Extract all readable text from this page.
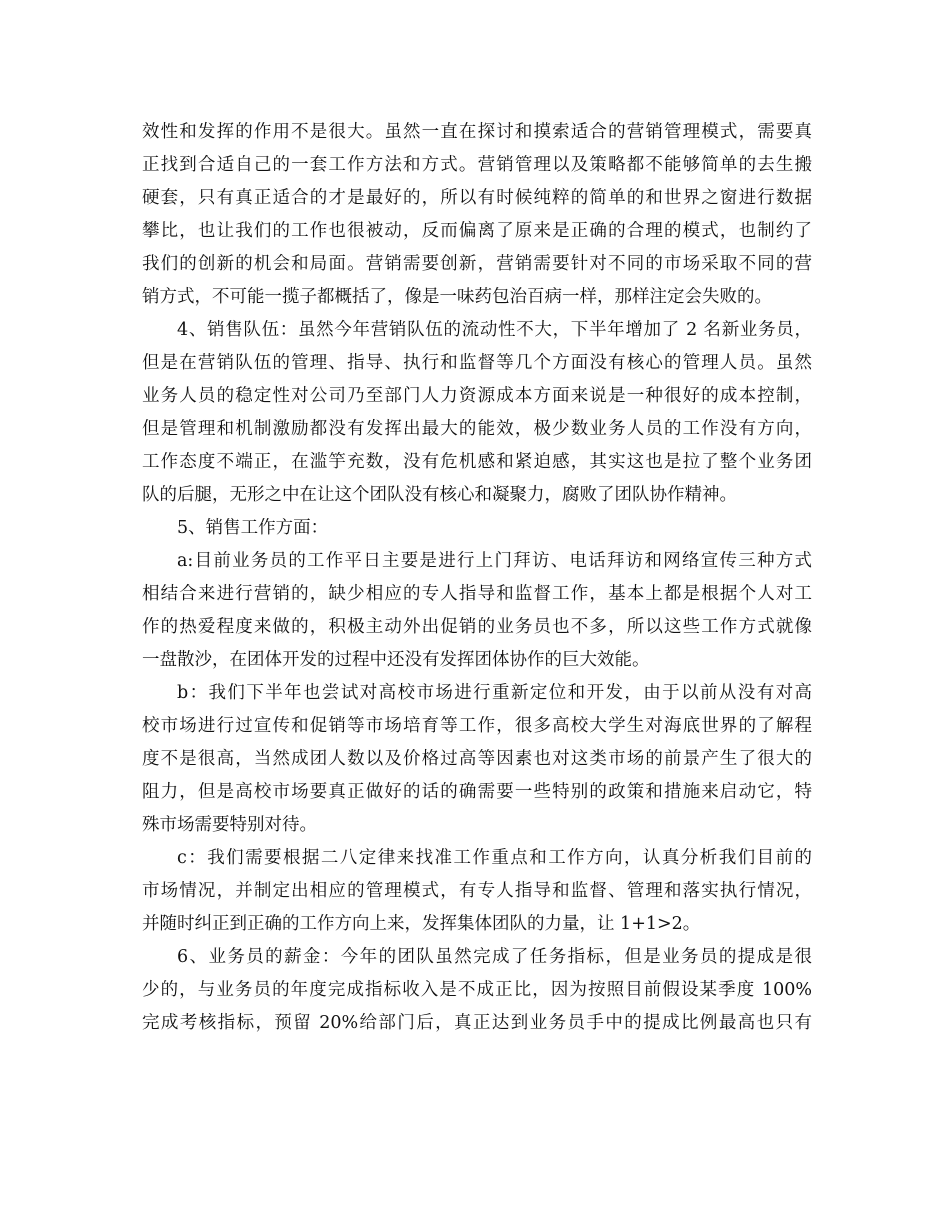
效性和发挥的作用不是很大。虽然一直在探讨和摸索适合的营销管理模式，需要真
正找到合适自己的一套工作方法和方式。营销管理以及策略都不能够简单的去生搬
硬套，只有真正适合的才是最好的，所以有时候纯粹的简单的和世界之窗进行数据
攀比，也让我们的工作也很被动，反而偏离了原来是正确的合理的模式，也制约了
我们的创新的机会和局面。营销需要创新，营销需要针对不同的市场采取不同的营
销方式，不可能一揽子都概括了，像是一味药包治百病一样，那样注定会失败的。
4、销售队伍：虽然今年营销队伍的流动性不大，下半年增加了 2 名新业务员，
但是在营销队伍的管理、指导、执行和监督等几个方面没有核心的管理人员。虽然
业务人员的稳定性对公司乃至部门人力资源成本方面来说是一种很好的成本控制，
但是管理和机制激励都没有发挥出最大的能效，极少数业务人员的工作没有方向，
工作态度不端正，在滥竽充数，没有危机感和紧迫感，其实这也是拉了整个业务团
队的后腿，无形之中在让这个团队没有核心和凝聚力，腐败了团队协作精神。
5、销售工作方面：
a:目前业务员的工作平日主要是进行上门拜访、电话拜访和网络宣传三种方式
相结合来进行营销的，缺少相应的专人指导和监督工作，基本上都是根据个人对工
作的热爱程度来做的，积极主动外出促销的业务员也不多，所以这些工作方式就像
一盘散沙，在团体开发的过程中还没有发挥团体协作的巨大效能。
b：我们下半年也尝试对高校市场进行重新定位和开发，由于以前从没有对高
校市场进行过宣传和促销等市场培育等工作，很多高校大学生对海底世界的了解程
度不是很高，当然成团人数以及价格过高等因素也对这类市场的前景产生了很大的
阻力，但是高校市场要真正做好的话的确需要一些特别的政策和措施来启动它，特
殊市场需要特别对待。
c：我们需要根据二八定律来找准工作重点和工作方向，认真分析我们目前的
市场情况，并制定出相应的管理模式，有专人指导和监督、管理和落实执行情况，
并随时纠正到正确的工作方向上来，发挥集体团队的力量，让 1+1>2。
6、业务员的薪金：今年的团队虽然完成了任务指标，但是业务员的提成是很
少的，与业务员的年度完成指标收入是不成正比，因为按照目前假设某季度 100%
完成考核指标，预留 20%给部门后，真正达到业务员手中的提成比例最高也只有
